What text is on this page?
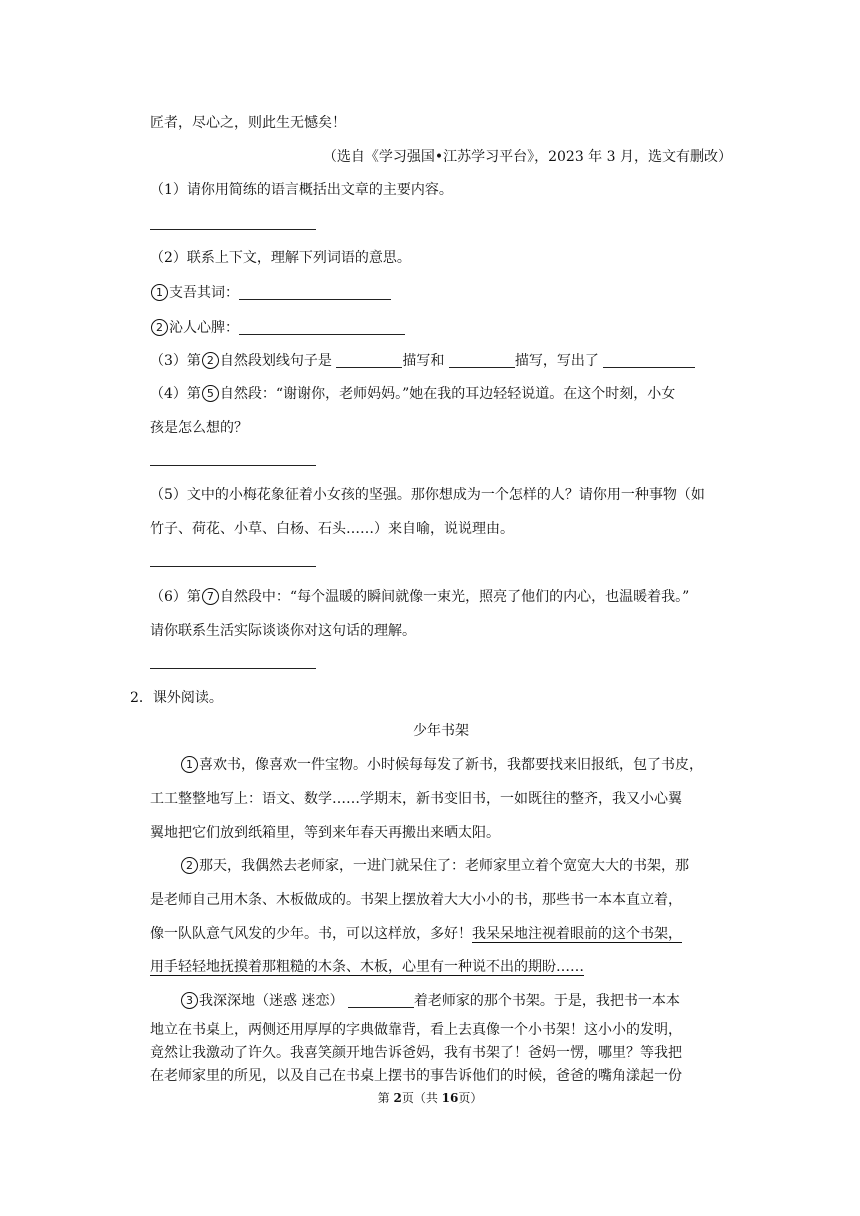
匠者，尽心之，则此生无憾矣！
（选自《学习强国•江苏学习平台》，2023 年 3 月，选文有删改）
（1）请你用简练的语言概括出文章的主要内容。
（2）联系上下文，理解下列词语的意思。
1 支吾其词：
2 沁人心脾：
（3）第 2 自然段划线句子是	描写和	描写，写出了
（4）第 5 自然段：“谢谢你，老师妈妈。”她在我的耳边轻轻说道。在这个时刻，小女
孩是怎么想的？
（5）文中的小梅花象征着小女孩的坚强。那你想成为一个怎样的人？请你用一种事物（如
竹子、荷花、小草、白杨、石头……）来自喻，说说理由。
（6）第 7 自然段中：“每个温暖的瞬间就像一束光，照亮了他们的内心，也温暖着我。”
请你联系生活实际谈谈你对这句话的理解。
2．课外阅读。
少年书架
1 喜欢书，像喜欢一件宝物。小时候每每发了新书，我都要找来旧报纸，包了书皮，
工工整整地写上：语文、数学……学期末，新书变旧书，一如既往的整齐，我又小心翼
翼地把它们放到纸箱里，等到来年春天再搬出来晒太阳。
2 那天，我偶然去老师家，一进门就呆住了：老师家里立着个宽宽大大的书架，那
是老师自己用木条、木板做成的。书架上摆放着大大小小的书，那些书一本本直立着，
像一队队意气风发的少年。书，可以这样放，多好！我呆呆地注视着眼前的这个书架，
用手轻轻地抚摸着那粗糙的木条、木板，心里有一种说不出的期盼……
3 我深深地（迷惑 迷恋）	着老师家的那个书架。于是，我把书一本本
地立在书桌上，两侧还用厚厚的字典做靠背，看上去真像一个小书架！这小小的发明，
竟然让我激动了许久。我喜笑颜开地告诉爸妈，我有书架了！爸妈一愣，哪里？等我把
在老师家里的所见，以及自己在书桌上摆书的事告诉他们的时候，爸爸的嘴角漾起一份
第 2页（共 16页）
